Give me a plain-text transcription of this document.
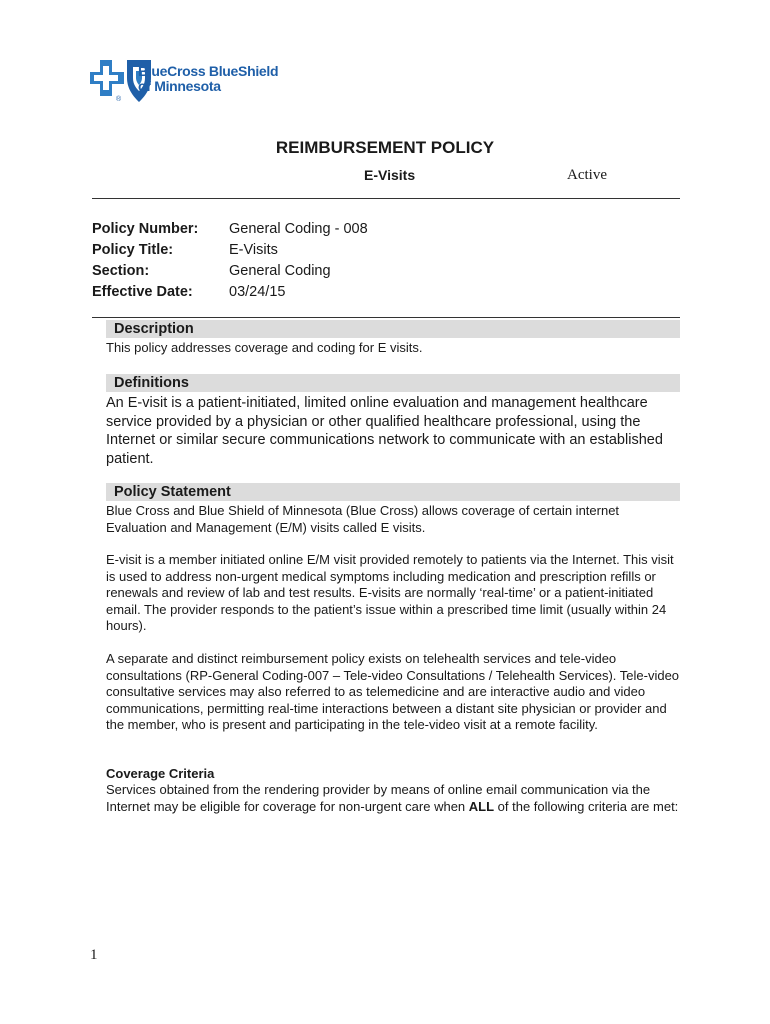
BlueCross BlueShield
of Minnesota
®
REIMBURSEMENT POLICY
E-Visits	Active
Policy Number: General Coding - 008
Policy Title:	E-Visits
Section:	General Coding
Effective Date:	03/24/15
Description

This policy addresses coverage and coding for E visits.

Definitions

An E-visit is a patient-initiated, limited online evaluation and management healthcare service provided by a physician or other qualified healthcare professional, using the Internet or similar secure communications network to communicate with an established patient.

Policy Statement

Blue Cross and Blue Shield of Minnesota (Blue Cross) allows coverage of certain internet Evaluation and Management (E/M) visits called E visits.

E-visit is a member initiated online E/M visit provided remotely to patients via the Internet. This visit is used to address non-urgent medical symptoms including medication and prescription refills or renewals and review of lab and test results. E-visits are normally ‘real-time’ or a patient-initiated email. The provider responds to the patient’s issue within a prescribed time limit (usually within 24 hours).

A separate and distinct reimbursement policy exists on telehealth services and tele-video consultations (RP-General Coding-007 – Tele-video Consultations / Telehealth Services). Tele-video consultative services may also referred to as telemedicine and are interactive audio and video communications, permitting real-time interactions between a distant site physician or provider and the member, who is present and participating in the tele-video visit at a remote facility.

Coverage Criteria

Services obtained from the rendering provider by means of online email communication via the Internet may be eligible for coverage for non-urgent care when ALL of the following criteria are met:

1
